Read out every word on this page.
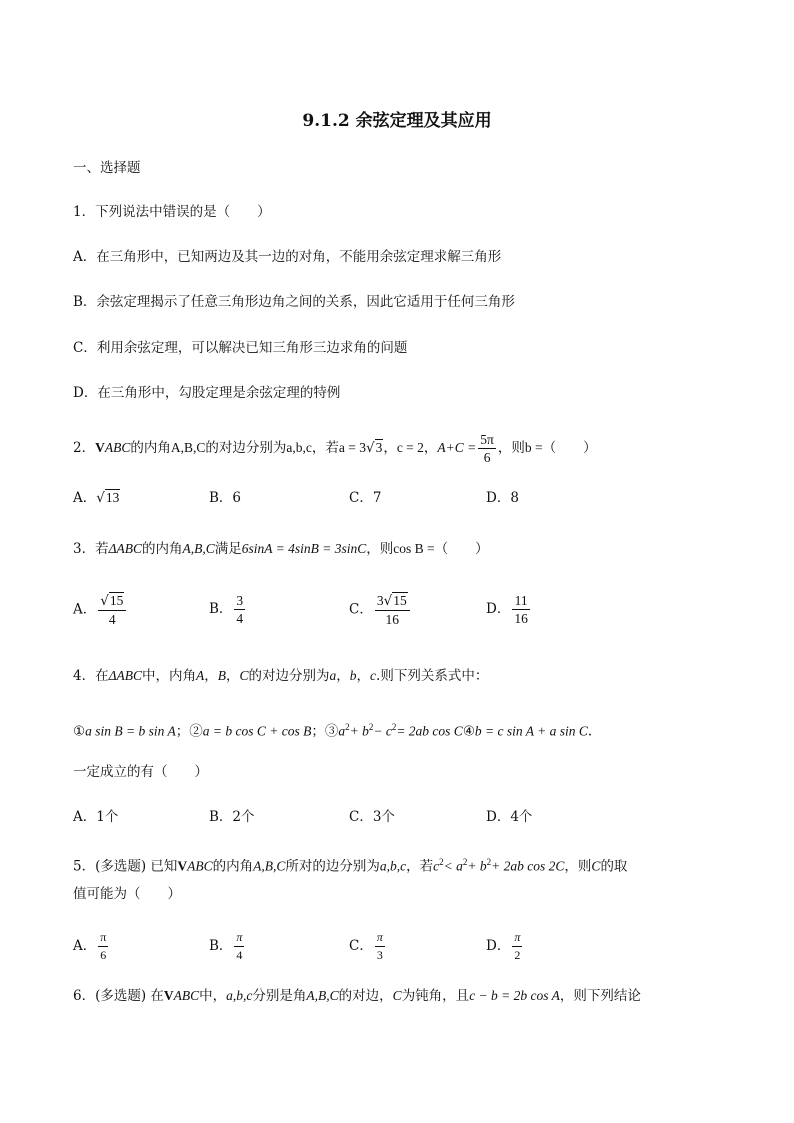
9.1.2 余弦定理及其应用
一、选择题
1．下列说法中错误的是（　　）
A．在三角形中，已知两边及其一边的对角，不能用余弦定理求解三角形
B．余弦定理揭示了任意三角形边角之间的关系，因此它适用于任何三角形
C．利用余弦定理，可以解决已知三角形三边求角的问题
D．在三角形中，勾股定理是余弦定理的特例
2．VABC的内角A,B,C的对边分别为a,b,c，若a = 3√3，c = 2，$A+C = \frac{5\pi}{6}$ ，则b =（　　）
A．√13	B．6	C．7	D．8
3．若ΔABC的内角A,B,C满足6sinA = 4sinB = 3sinC，则cos B =（　　）
A． $\frac{√15}{4}$	B． $\frac{3}{4}$	C． $\frac{3√15}{16}$	D． $\frac{11}{16}$
4．在ΔABC中，内角A，B，C的对边分别为a，b，c.则下列关系式中：
①a sin B = b sin A；②a = b cos C + cos B；$③a^2+ b^2- c^2= 2ab$ cos C④b = c sin A + a sin C.
一定成立的有（　　）
A．1个	B．2个	C．3个	D．4个
5．(多选题) 已知VABC的内角A,B,C所对的边分别为a,b,c，若$c^2< a^2+ b^2+ 2ab$ cos 2C，则C的取
值可能为（　　）
A． $\frac{\pi}{6}$	B． $\frac{\pi}{4}$	C． $\frac{\pi}{3}$	D． $\frac{\pi}{2}$
6．(多选题) 在VABC中，a,b,c分别是角A,B,C的对边，C为钝角，且c − b = 2b cos A，则下列结论
